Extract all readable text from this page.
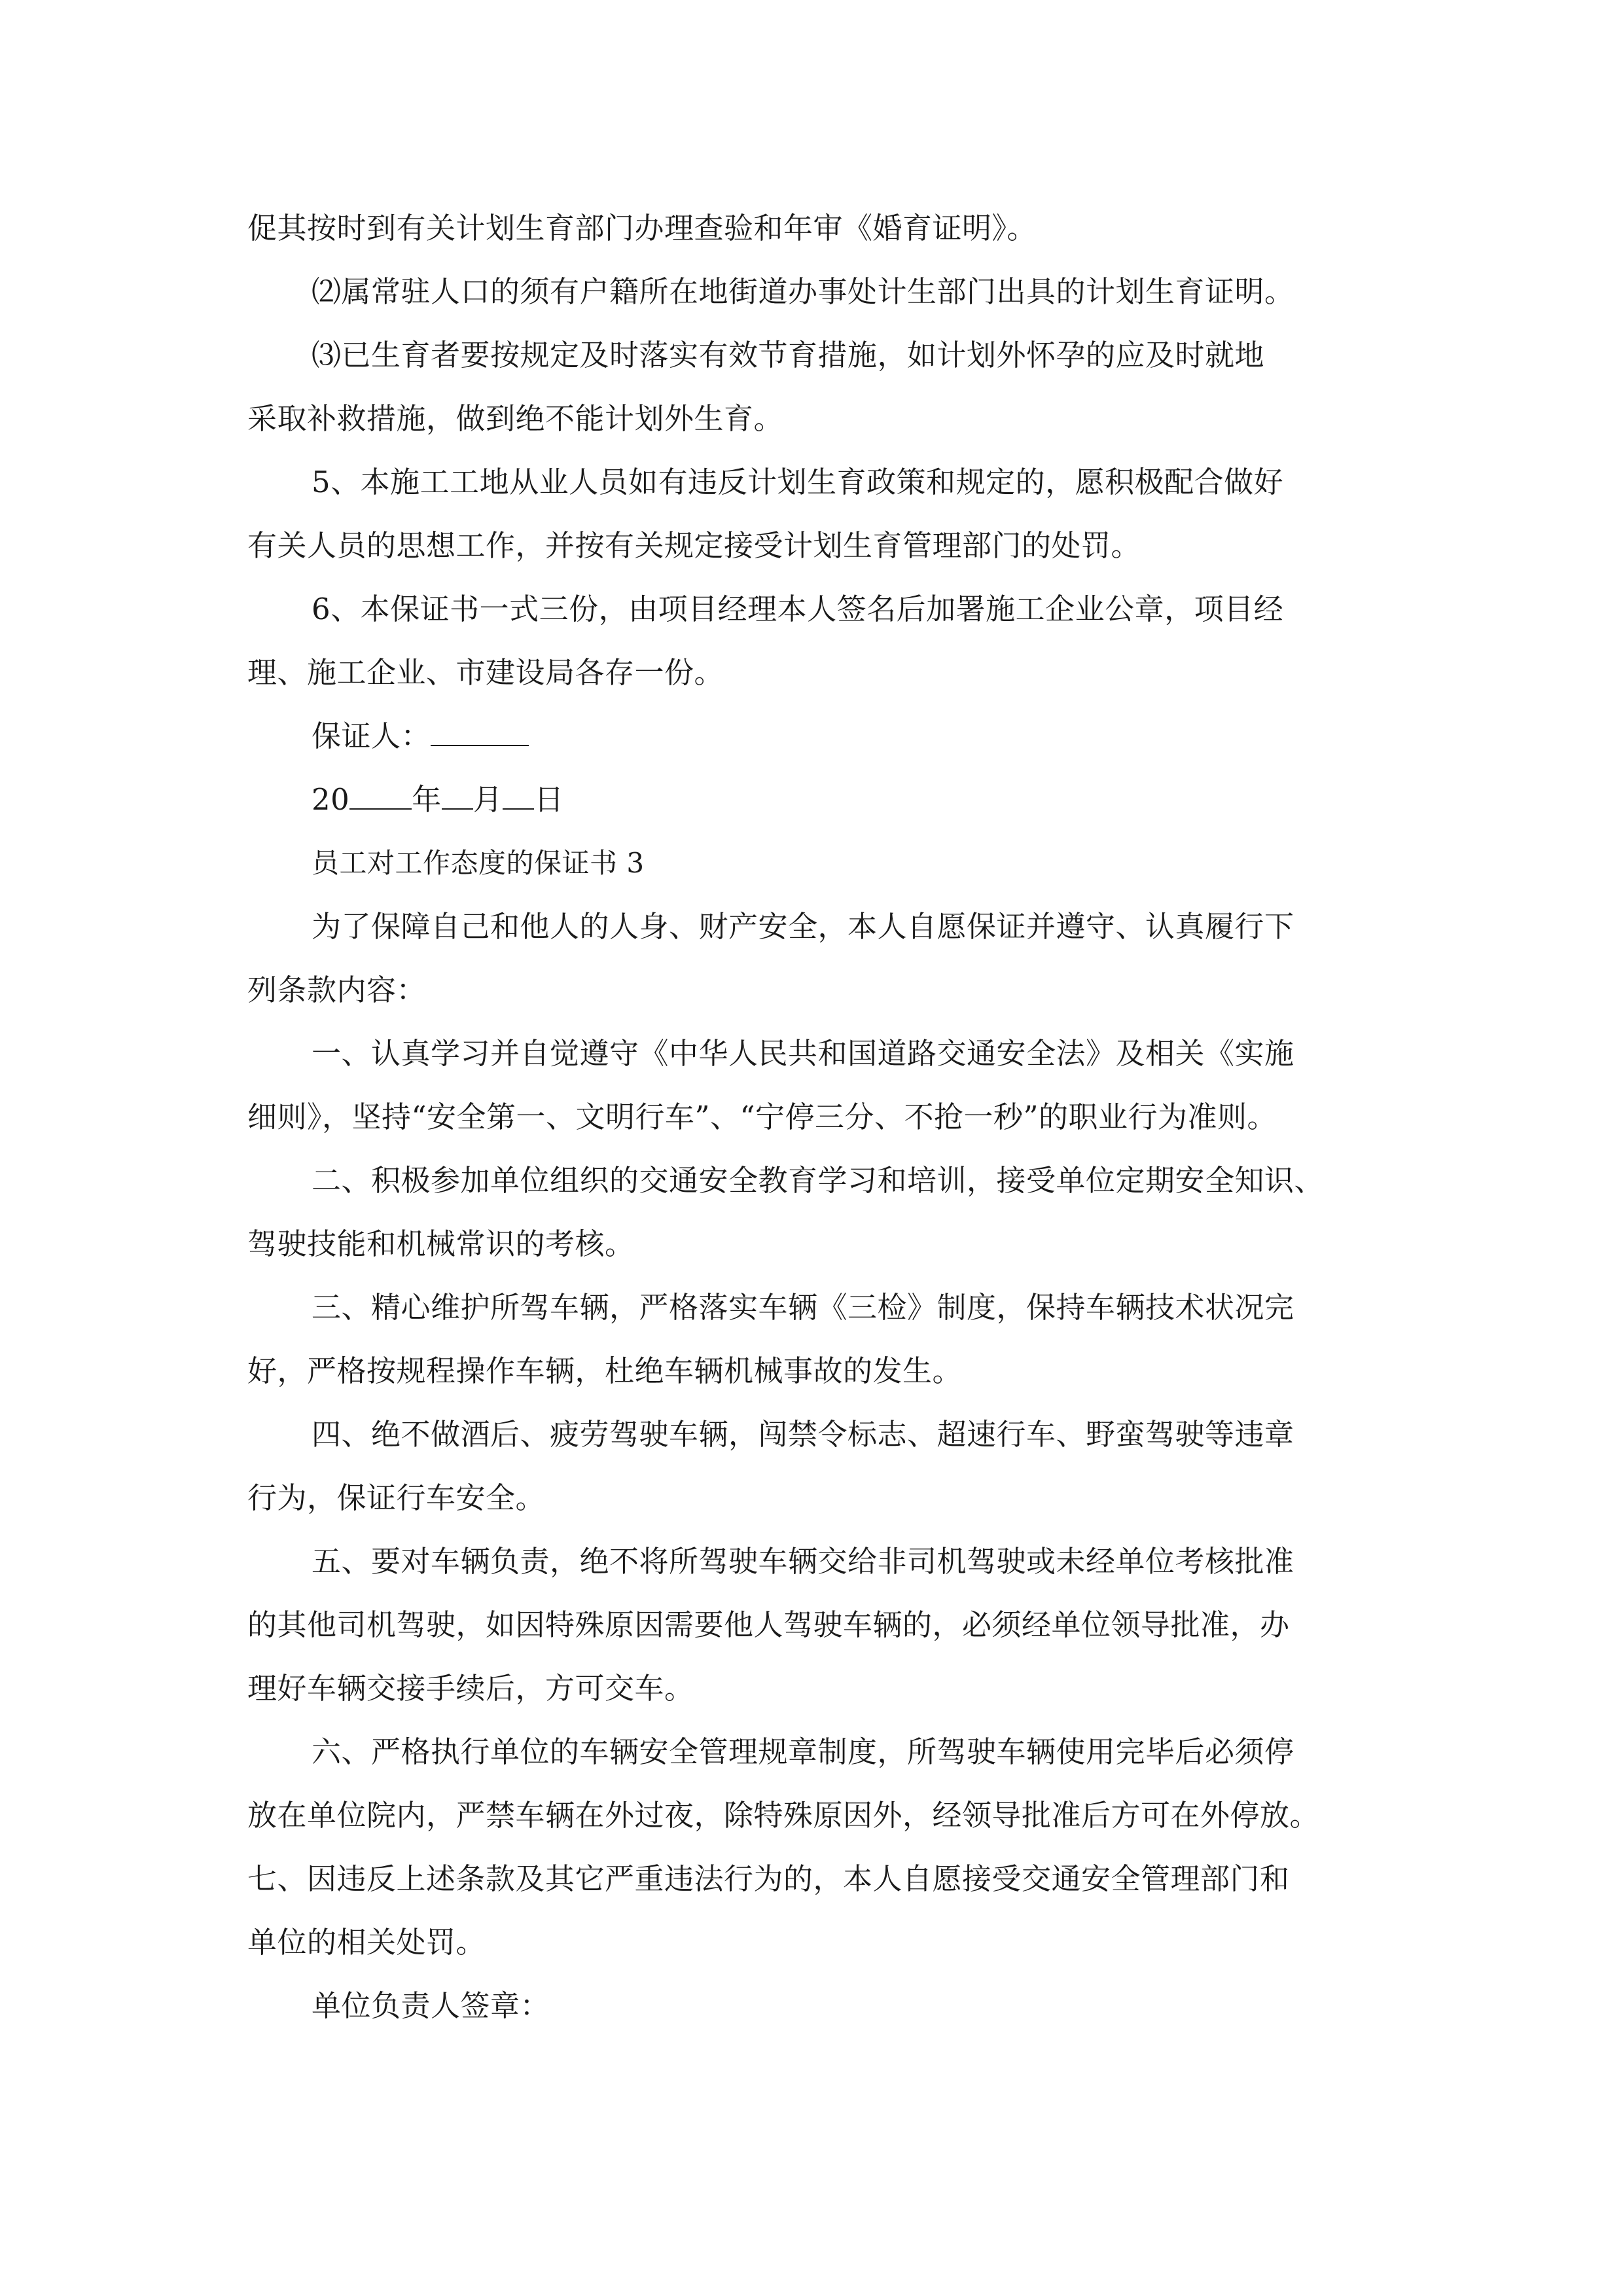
促其按时到有关计划生育部门办理查验和年审《婚育证明》。
⑵属常驻人口的须有户籍所在地街道办事处计生部门出具的计划生育证明。
⑶已生育者要按规定及时落实有效节育措施，如计划外怀孕的应及时就地
采取补救措施，做到绝不能计划外生育。
5、本施工工地从业人员如有违反计划生育政策和规定的，愿积极配合做好
有关人员的思想工作，并按有关规定接受计划生育管理部门的处罚。
6、本保证书一式三份，由项目经理本人签名后加署施工企业公章，项目经
理、施工企业、市建设局各存一份。
保证人：
20 年 月 日
员工对工作态度的保证书 3
为了保障自己和他人的人身、财产安全，本人自愿保证并遵守、认真履行下
列条款内容：
一、认真学习并自觉遵守《中华人民共和国道路交通安全法》及相关《实施
细则》，坚持“安全第一、文明行车”、“宁停三分、不抢一秒”的职业行为准则。
二、积极参加单位组织的交通安全教育学习和培训，接受单位定期安全知识、
驾驶技能和机械常识的考核。
三、精心维护所驾车辆，严格落实车辆《三检》制度，保持车辆技术状况完
好，严格按规程操作车辆，杜绝车辆机械事故的发生。
四、绝不做酒后、疲劳驾驶车辆，闯禁令标志、超速行车、野蛮驾驶等违章
行为，保证行车安全。
五、要对车辆负责，绝不将所驾驶车辆交给非司机驾驶或未经单位考核批准
的其他司机驾驶，如因特殊原因需要他人驾驶车辆的，必须经单位领导批准，办
理好车辆交接手续后，方可交车。
六、严格执行单位的车辆安全管理规章制度，所驾驶车辆使用完毕后必须停
放在单位院内，严禁车辆在外过夜，除特殊原因外，经领导批准后方可在外停放。
七、因违反上述条款及其它严重违法行为的，本人自愿接受交通安全管理部门和
单位的相关处罚。
单位负责人签章：
